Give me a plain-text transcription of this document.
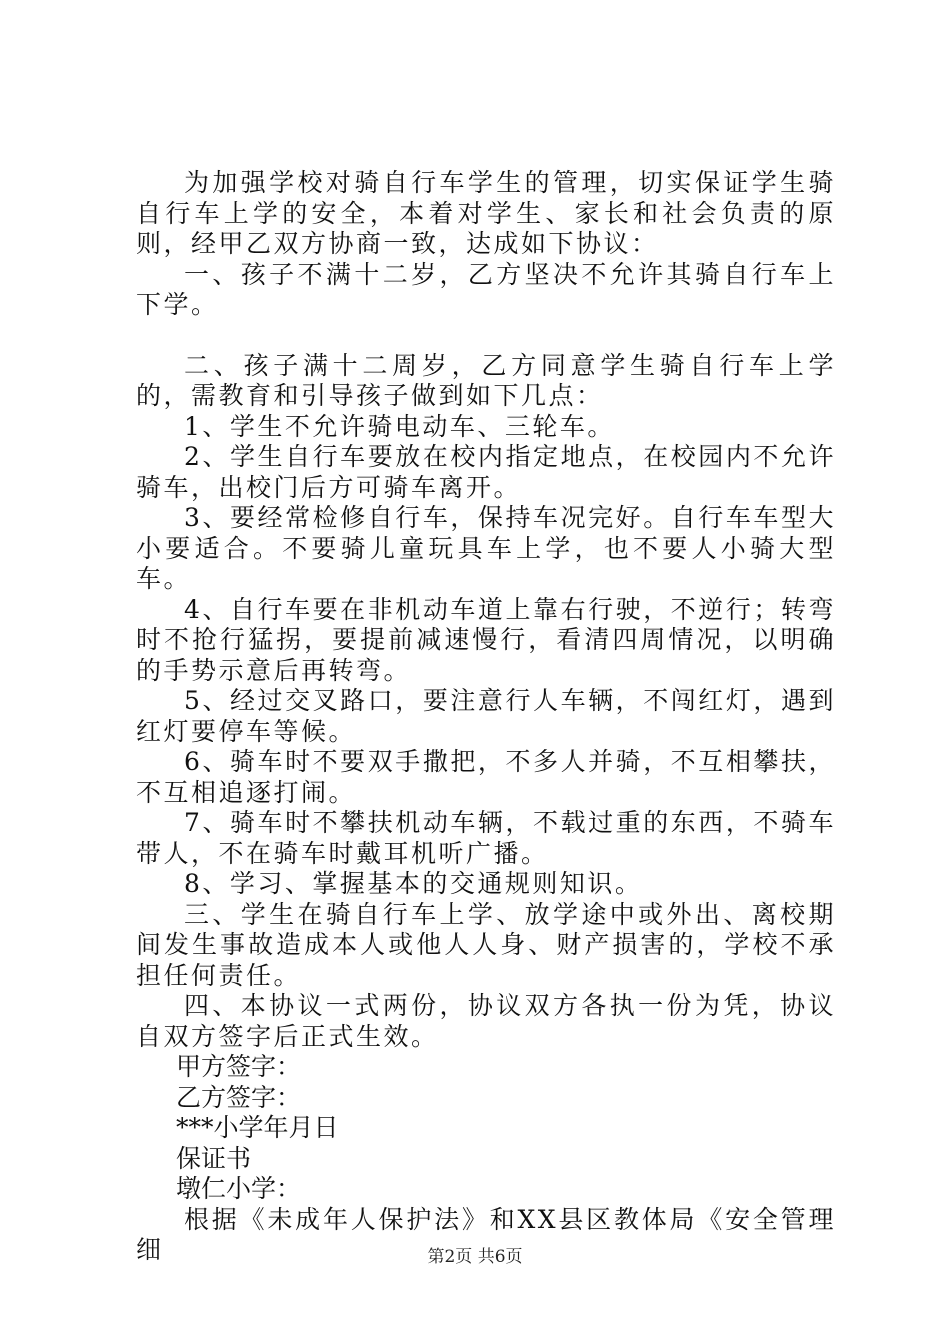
为加强学校对骑自行车学生的管理，切实保证学生骑自行车上学的安全，本着对学生、家长和社会负责的原则，经甲乙双方协商一致，达成如下协议：

一、孩子不满十二岁，乙方坚决不允许其骑自行车上下学。

二、孩子满十二周岁，乙方同意学生骑自行车上学的，需教育和引导孩子做到如下几点：

1、学生不允许骑电动车、三轮车。

2、学生自行车要放在校内指定地点，在校园内不允许骑车，出校门后方可骑车离开。

3、要经常检修自行车，保持车况完好。自行车车型大小要适合。不要骑儿童玩具车上学，也不要人小骑大型车。

4、自行车要在非机动车道上靠右行驶，不逆行；转弯时不抢行猛拐，要提前减速慢行，看清四周情况，以明确的手势示意后再转弯。

5、经过交叉路口，要注意行人车辆，不闯红灯，遇到红灯要停车等候。

6、骑车时不要双手撒把，不多人并骑，不互相攀扶，不互相追逐打闹。

7、骑车时不攀扶机动车辆，不载过重的东西，不骑车带人，不在骑车时戴耳机听广播。

8、学习、掌握基本的交通规则知识。

三、学生在骑自行车上学、放学途中或外出、离校期间发生事故造成本人或他人人身、财产损害的，学校不承担任何责任。

四、本协议一式两份，协议双方各执一份为凭，协议自双方签字后正式生效。

甲方签字：

乙方签字：

***小学年月日

保证书

墩仁小学：

根据《未成年人保护法》和XX县区教体局《安全管理细	第2页 共6页
